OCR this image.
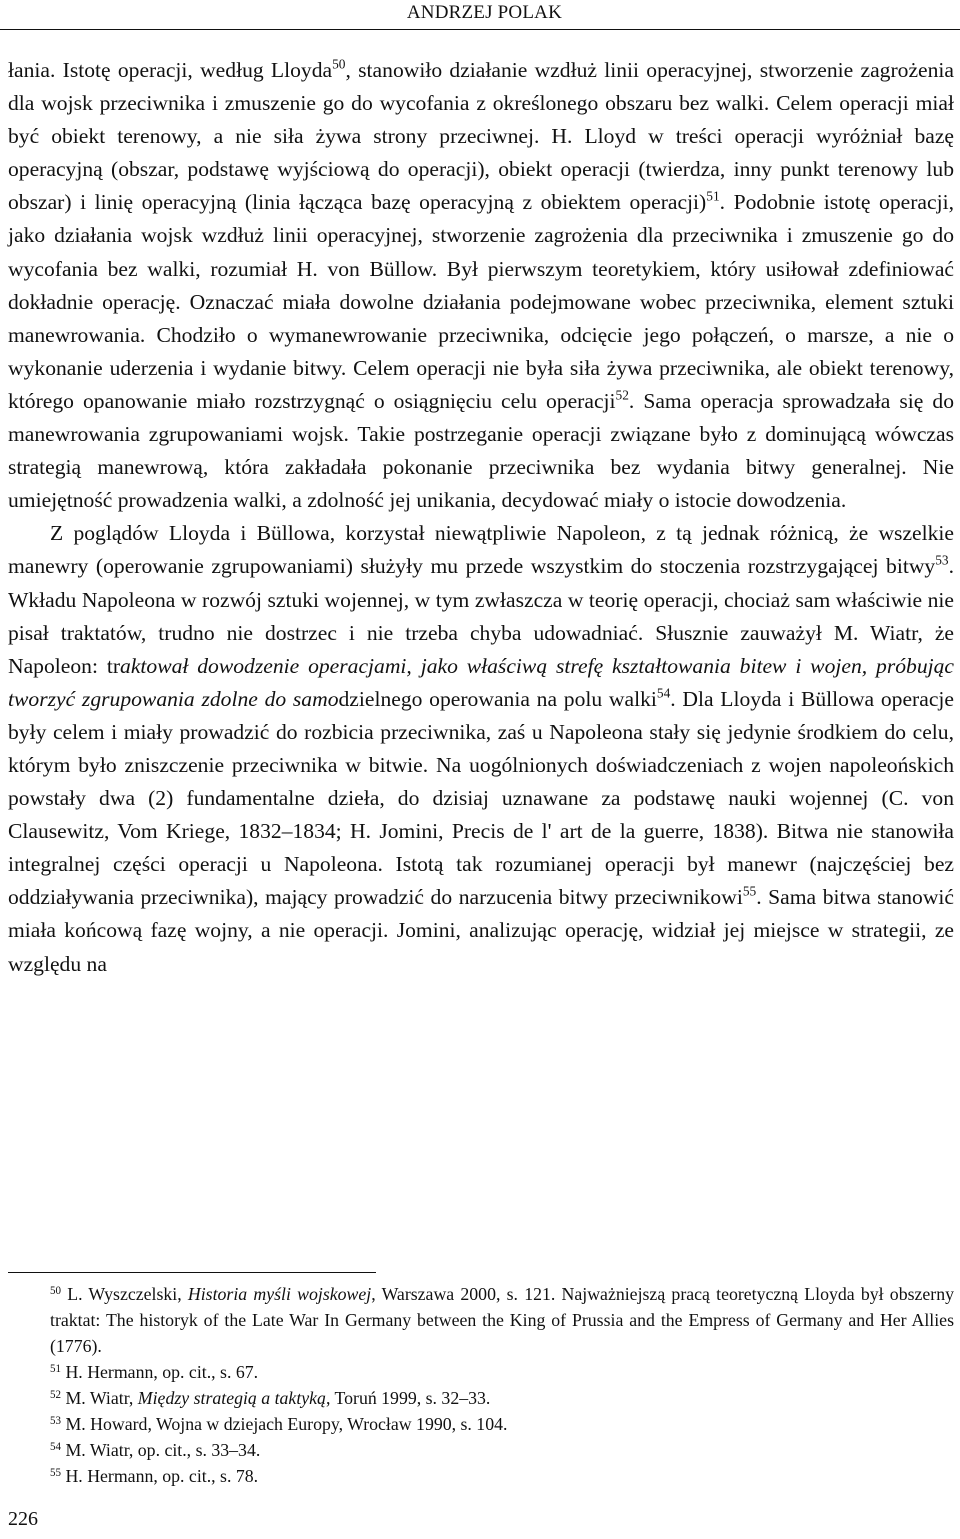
ANDRZEJ POLAK

łania. Istotę operacji, według Lloyda$^{50}$, stanowiło działanie wzdłuż linii operacyjnej, stworzenie zagrożenia dla wojsk przeciwnika i zmuszenie go do wycofania z określonego obszaru bez walki. Celem operacji miał być obiekt terenowy, a nie siła żywa strony przeciwnej. H. Lloyd w treści operacji wyróżniał bazę operacyjną (obszar, podstawę wyjściową do operacji), obiekt operacji (twierdza, inny punkt terenowy lub obszar) i linię operacyjną (linia łącząca bazę operacyjną z obiektem operacji)$^{51}$. Podobnie istotę operacji, jako działania wojsk wzdłuż linii operacyjnej, stworzenie zagrożenia dla przeciwnika i zmuszenie go do wycofania bez walki, rozumiał H. von Büllow. Był pierwszym teoretykiem, który usiłował zdefiniować dokładnie operację. Oznaczać miała dowolne działania podejmowane wobec przeciwnika, element sztuki manewrowania. Chodziło o wymanewrowanie przeciwnika, odcięcie jego połączeń, o marsze, a nie o wykonanie uderzenia i wydanie bitwy. Celem operacji nie była siła żywa przeciwnika, ale obiekt terenowy, którego opanowanie miało rozstrzygnąć o osiągnięciu celu operacji$^{52}$. Sama operacja sprowadzała się do manewrowania zgrupowaniami wojsk. Takie postrzeganie operacji związane było z dominującą wówczas strategią manewrową, która zakładała pokonanie przeciwnika bez wydania bitwy generalnej. Nie umiejętność prowadzenia walki, a zdolność jej unikania, decydować miały o istocie dowodzenia.

Z poglądów Lloyda i Büllowa, korzystał niewątpliwie Napoleon, z tą jednak różnicą, że wszelkie manewry (operowanie zgrupowaniami) służyły mu przede wszystkim do stoczenia rozstrzygającej bitwy$^{53}$. Wkładu Napoleona w rozwój sztuki wojennej, w tym zwłaszcza w teorię operacji, chociaż sam właściwie nie pisał traktatów, trudno nie dostrzec i nie trzeba chyba udowadniać. Słusznie zauważył M. Wiatr, że Napoleon: traktował dowodzenie operacjami, jako właściwą strefę kształtowania bitew i wojen, próbując tworzyć zgrupowania zdolne do samodzielnego operowania na polu walki$^{54}$. Dla Lloyda i Büllowa operacje były celem i miały prowadzić do rozbicia przeciwnika, zaś u Napoleona stały się jedynie środkiem do celu, którym było zniszczenie przeciwnika w bitwie. Na uogólnionych doświadczeniach z wojen napoleońskich powstały dwa (2) fundamentalne dzieła, do dzisiaj uznawane za podstawę nauki wojennej (C. von Clausewitz, Vom Kriege, 1832–1834; H. Jomini, Precis de l' art de la guerre, 1838). Bitwa nie stanowiła integralnej części operacji u Napoleona. Istotą tak rozumianej operacji był manewr (najczęściej bez oddziaływania przeciwnika), mający prowadzić do narzucenia bitwy przeciwnikowi$^{55}$. Sama bitwa stanowić miała końcową fazę wojny, a nie operacji. Jomini, analizując operację, widział jej miejsce w strategii, ze względu na

$^{50}$ L. Wyszczelski, Historia myśli wojskowej, Warszawa 2000, s. 121. Najważniejszą pracą teoretyczną Lloyda był obszerny traktat: The historyk of the Late War In Germany between the King of Prussia and the Empress of Germany and Her Allies (1776).
$^{51}$ H. Hermann, op. cit., s. 67.
$^{52}$ M. Wiatr, Między strategią a taktyką, Toruń 1999, s. 32–33.
$^{53}$ M. Howard, Wojna w dziejach Europy, Wrocław 1990, s. 104.
$^{54}$ M. Wiatr, op. cit., s. 33–34.
$^{55}$ H. Hermann, op. cit., s. 78.
226
